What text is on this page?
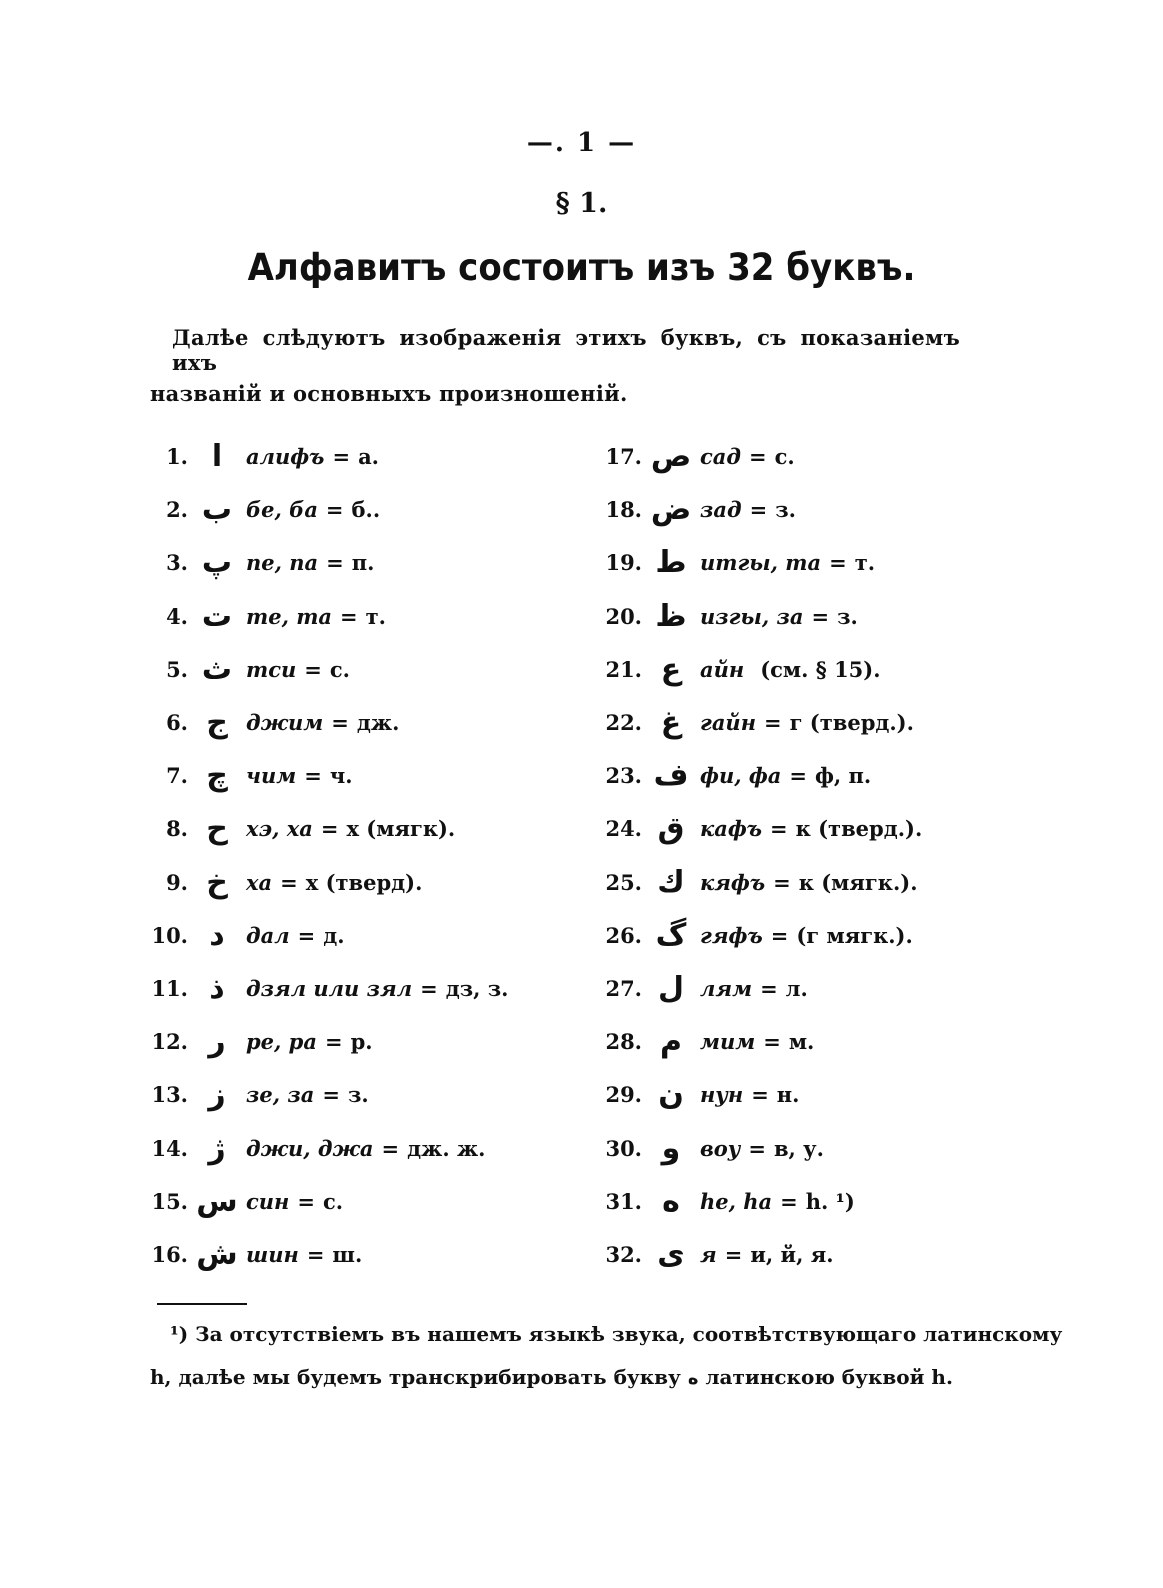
—. 1 —
§ 1.
Алфавитъ состоитъ изъ 32 буквъ.
Далѣе слѣдуютъ изображенія этихъ буквъ, съ показаніемъ ихъ
названій и основныхъ произношеній.
1. ا	алифъ = а.
2. ب бе, ба = б..
3. پ пе, па = п.
4. ت те, та = т.
5. ث тси = с.
6. ج джим = дж.
7. چ чим = ч.
8. ح хэ, ха = х (мягк).
9. خ ха = х (тверд).
10. د	дал = д.
11. ذ	дзял или зял = дз, з.
12. ر ре, ра = р.
13. ز зе, за = з.
14. ژ джи, джа = дж. ж.
15. س син = с.
16. ش шин = ш.
17. ص сад = с.
18. ض зад = з.
19. ط итгы, та = т.
20. ظ изгы, за = з.
21. ع айн (см. § 15).
22. غ гайн = г (тверд.).
23. ف фи, фа = ф, п.
24. ق кафъ = к (тверд.).
25. ك кяфъ = к (мягк.).
26. گ гяфъ = (г мягк.).
27. ل лям = л.
28. م мим = м.
29. ن нун = н.
30. و воу = в, у.
31. ه he, ha = h. ¹)
32. ى я = и, й, я.
¹) За отсутствіемъ въ нашемъ языкѣ звука, соотвѣтствующаго латинскому
h, далѣе мы будемъ транскрибировать букву ه латинскою буквой h.
